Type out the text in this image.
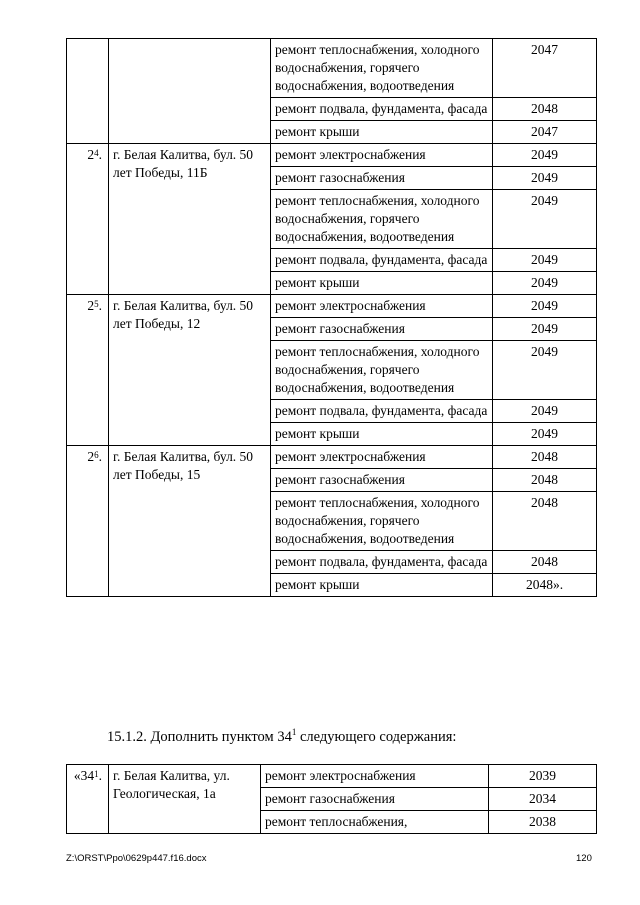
		ремонт теплоснабжения, холодного водоснабжения, горячего водоснабжения, водоотведения	2047
		ремонт подвала, фундамента, фасада	2048
		ремонт крыши	2047
$2^4$.	г. Белая Калитва, бул. 50 лет Победы, 11Б	ремонт электроснабжения	2049
		ремонт газоснабжения	2049
		ремонт теплоснабжения, холодного водоснабжения, горячего водоснабжения, водоотведения	2049
		ремонт подвала, фундамента, фасада	2049
		ремонт крыши	2049
$2^5$.	г. Белая Калитва, бул. 50 лет Победы, 12	ремонт электроснабжения	2049
		ремонт газоснабжения	2049
		ремонт теплоснабжения, холодного водоснабжения, горячего водоснабжения, водоотведения	2049
		ремонт подвала, фундамента, фасада	2049
		ремонт крыши	2049
$2^6$.	г. Белая Калитва, бул. 50 лет Победы, 15	ремонт электроснабжения	2048
		ремонт газоснабжения	2048
		ремонт теплоснабжения, холодного водоснабжения, горячего водоснабжения, водоотведения	2048
		ремонт подвала, фундамента, фасада	2048
		ремонт крыши	2048».
15.1.2. Дополнить пунктом $34^1$ следующего содержания:
«$34^1$.	г. Белая Калитва, ул. Геологическая, 1а	ремонт электроснабжения	2039
		ремонт газоснабжения	2034
		ремонт теплоснабжения,	2038
Z:\ORST\Ppo\0629p447.f16.docx	120
